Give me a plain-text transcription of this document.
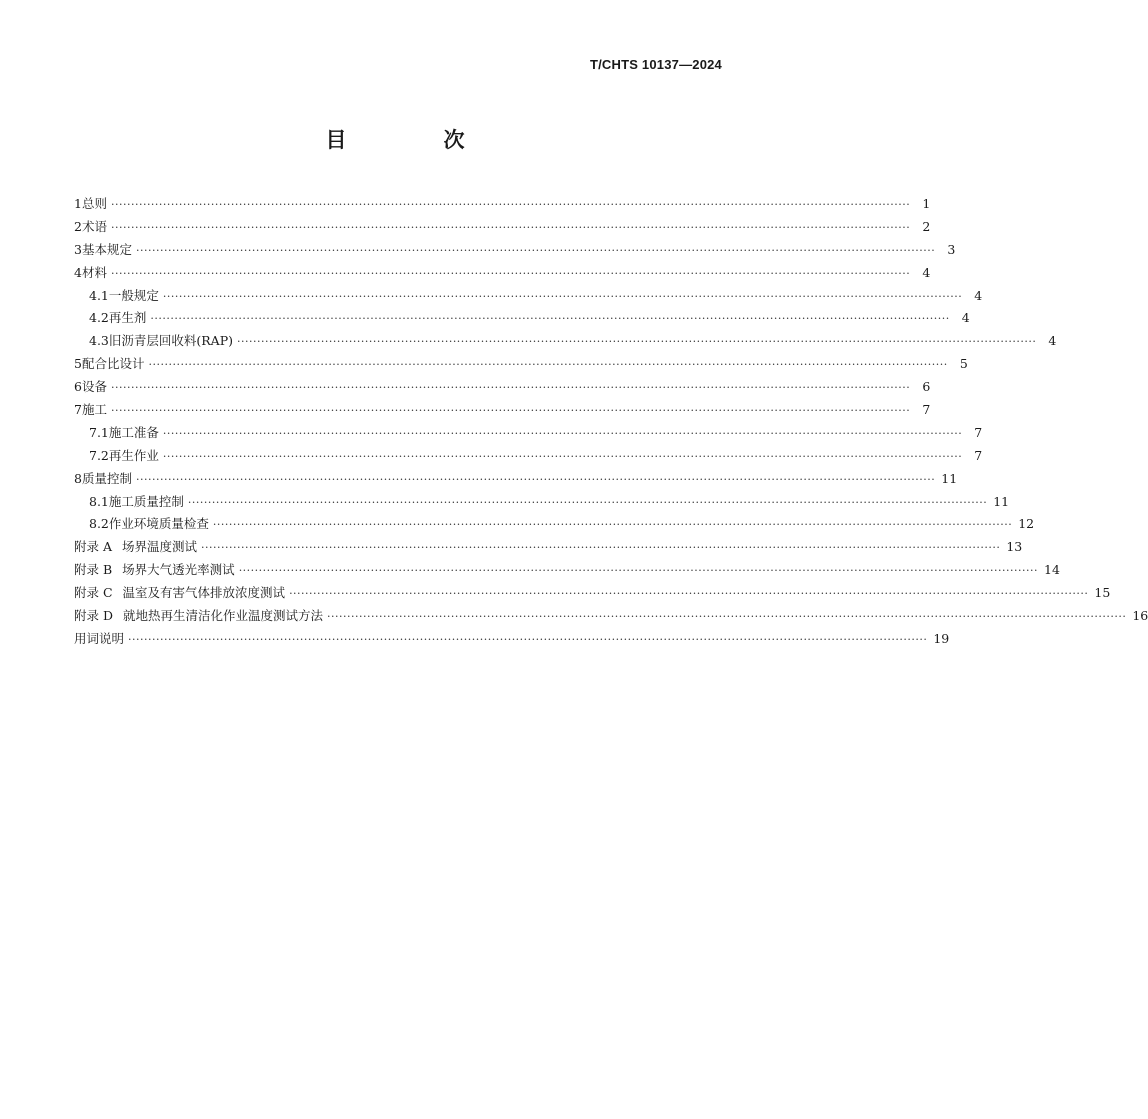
T/CHTS 10137—2024
目　次
1 总则 ········································································································································································································ 1
2 术语 ········································································································································································································ 2
3 基本规定 ········································································································································································································ 3
4 材料 ········································································································································································································ 4
4.1 一般规定 ········································································································································································································ 4
4.2 再生剂 ········································································································································································································ 4
4.3 旧沥青层回收料(RAP) ········································································································································································································ 4
5 配合比设计 ········································································································································································································ 5
6 设备 ········································································································································································································ 6
7 施工 ········································································································································································································ 7
7.1 施工准备 ········································································································································································································ 7
7.2 再生作业 ········································································································································································································ 7
8 质量控制 ········································································································································································································ 11
8.1 施工质量控制 ········································································································································································································ 11
8.2 作业环境质量检查 ········································································································································································································ 12
附录 A 场界温度测试 ········································································································································································································ 13
附录 B 场界大气透光率测试 ········································································································································································································ 14
附录 C 温室及有害气体排放浓度测试 ········································································································································································································ 15
附录 D 就地热再生清洁化作业温度测试方法 ········································································································································································································ 16
用词说明 ········································································································································································································ 19
